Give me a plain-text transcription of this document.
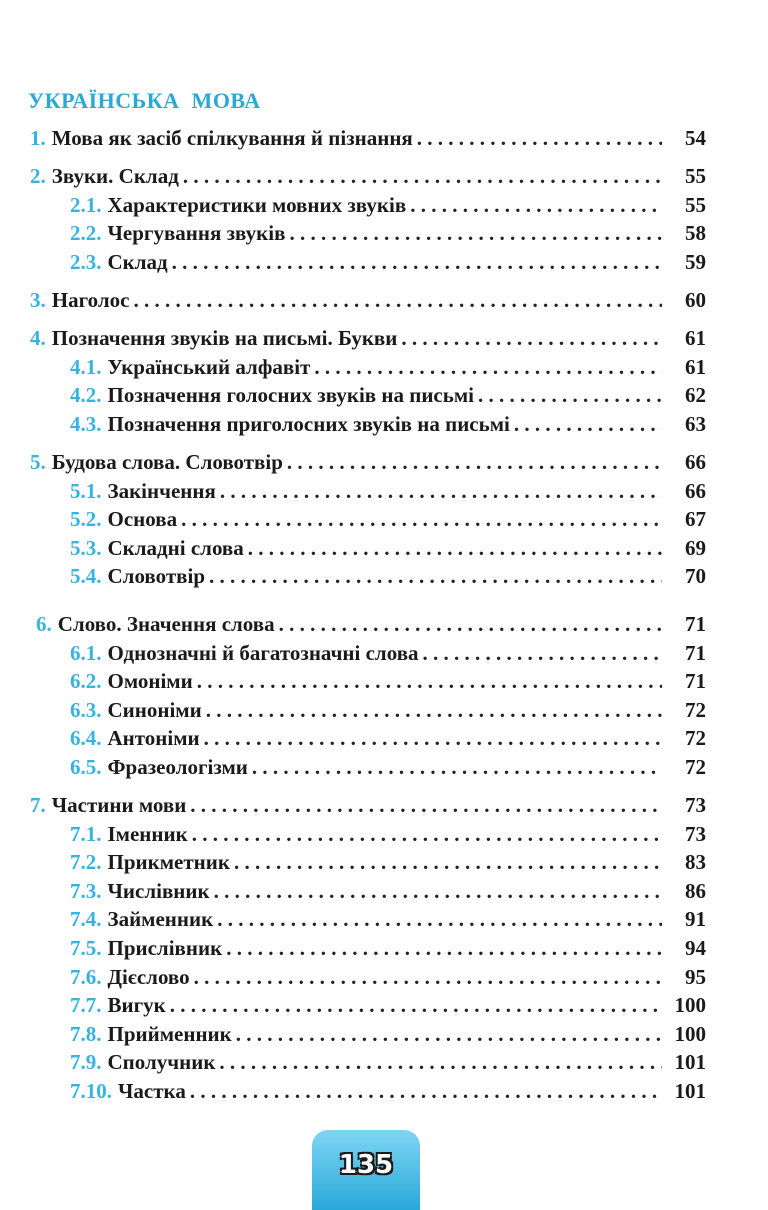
УКРАЇНСЬКА  МОВА
1. Мова як засіб спілкування й пізнання . . .	54
2. Звуки. Склад . . .	55
2.1. Характеристики мовних звуків . . .	55
2.2. Чергування звуків . . .	58
2.3. Склад . . .	59
3. Наголос . . .	60
4. Позначення звуків на письмі. Букви . . .	61
4.1. Український алфавіт . . .	61
4.2. Позначення голосних звуків на письмі . . .	62
4.3. Позначення приголосних звуків на письмі . . .	63
5. Будова слова. Словотвір . . .	66
5.1. Закінчення . . .	66
5.2. Основа . . .	67
5.3. Складні слова . . .	69
5.4. Словотвір . . .	70
6. Слово. Значення слова . . .	71
6.1. Однозначні й багатозначні слова . . .	71
6.2. Омоніми . . .	71
6.3. Синоніми . . .	72
6.4. Антоніми . . .	72
6.5. Фразеологізми . . .	72
7. Частини мови . . .	73
7.1. Іменник . . .	73
7.2. Прикметник . . .	83
7.3. Числівник . . .	86
7.4. Займенник . . .	91
7.5. Прислівник . . .	94
7.6. Дієслово . . .	95
7.7. Вигук . . .	100
7.8. Прийменник . . .	100
7.9. Сполучник . . .	101
7.10. Частка . . .	101
135
